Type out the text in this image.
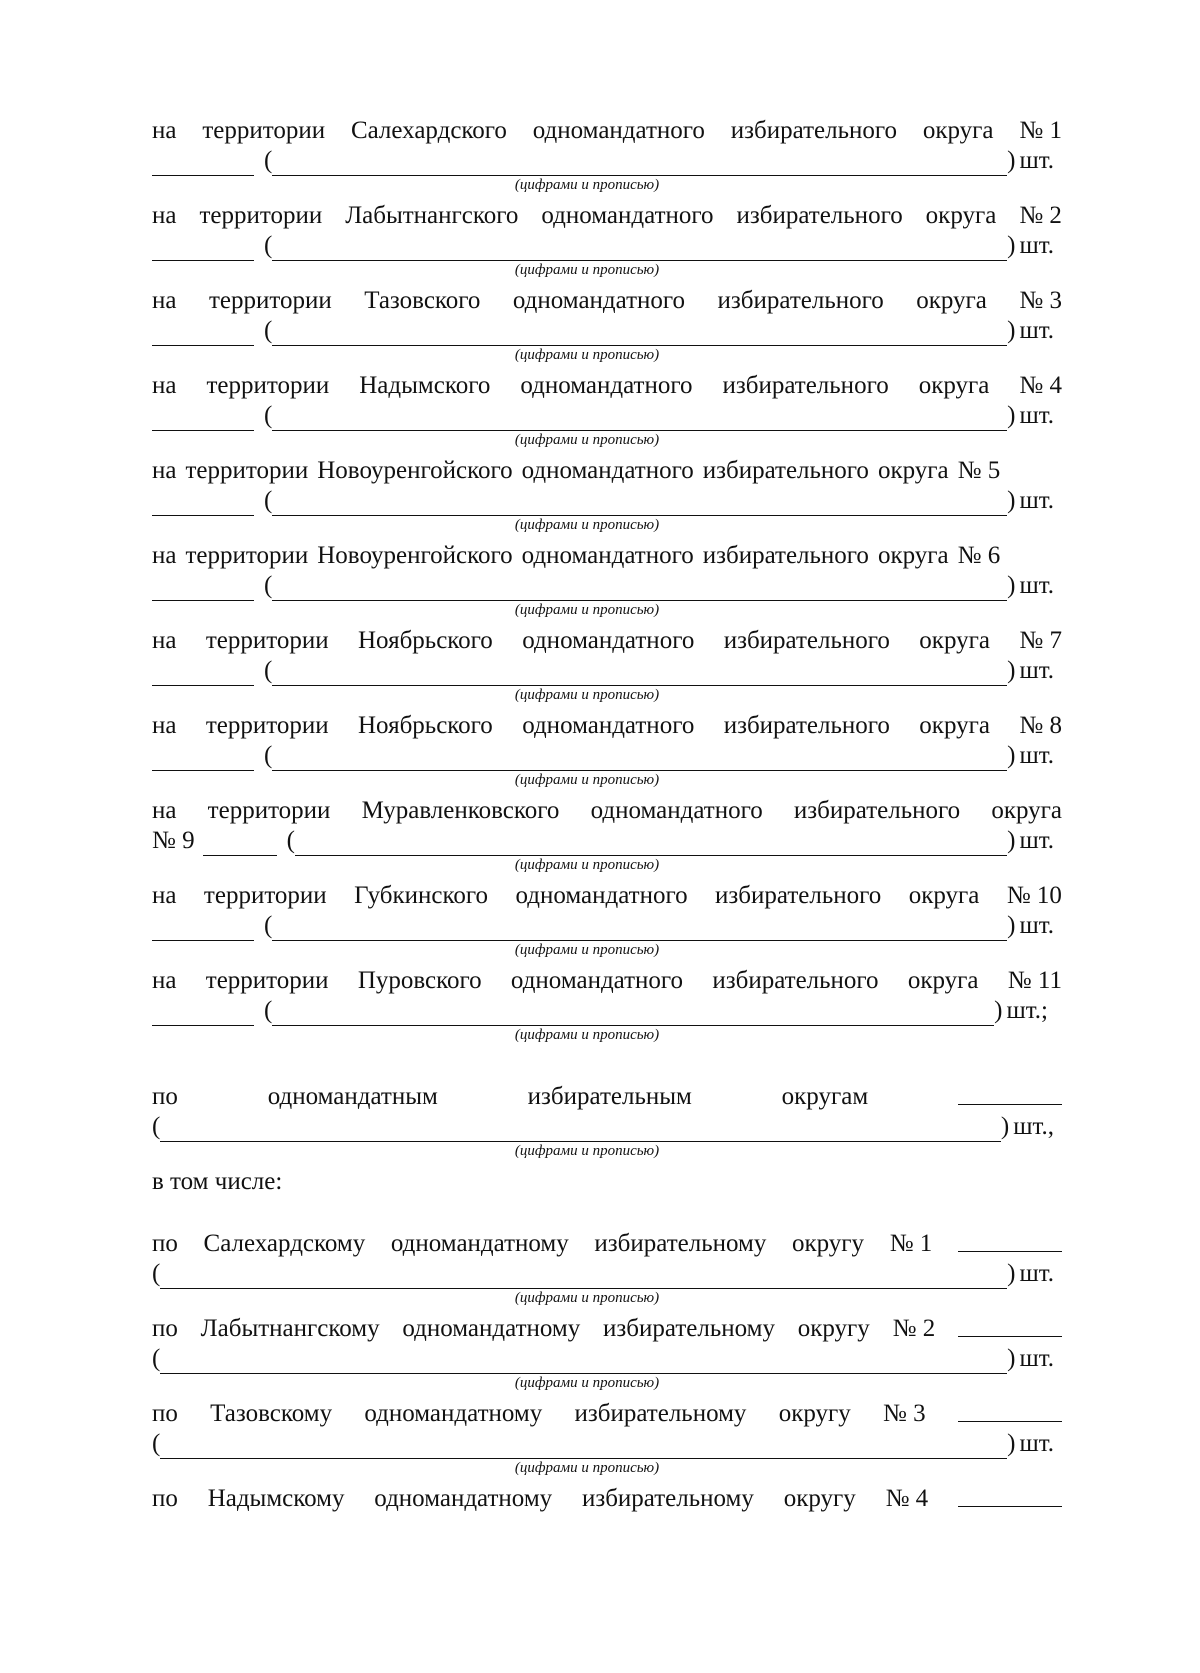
на территории Салехардского одномандатного избирательного округа № 1
(	) шт.
(цифрами и прописью)
на территории Лабытнангского одномандатного избирательного округа № 2
(	) шт.
(цифрами и прописью)
на территории Тазовского одномандатного избирательного округа № 3
(	) шт.
(цифрами и прописью)
на территории Надымского одномандатного избирательного округа № 4
(	) шт.
(цифрами и прописью)
на территории Новоуренгойского одномандатного избирательного округа № 5
(	) шт.
(цифрами и прописью)
на территории Новоуренгойского одномандатного избирательного округа № 6
(	) шт.
(цифрами и прописью)
на территории Ноябрьского одномандатного избирательного округа № 7
(	) шт.
(цифрами и прописью)
на территории Ноябрьского одномандатного избирательного округа № 8
(	) шт.
(цифрами и прописью)
на территории Муравленковского одномандатного избирательного округа
№ 9	(	) шт.
(цифрами и прописью)
на территории Губкинского одномандатного избирательного округа № 10
(	) шт.
(цифрами и прописью)
на территории Пуровского одномандатного избирательного округа № 11
(	) шт.;
(цифрами и прописью)
по	одномандатным	избирательным	округам
(	) шт.,
(цифрами и прописью)
в том числе:
по Салехардскому одномандатному избирательному округу № 1
(	) шт.
(цифрами и прописью)
по Лабытнангскому одномандатному избирательному округу № 2
(	) шт.
(цифрами и прописью)
по Тазовскому одномандатному избирательному округу № 3
(	) шт.
(цифрами и прописью)
по Надымскому одномандатному избирательному округу № 4
